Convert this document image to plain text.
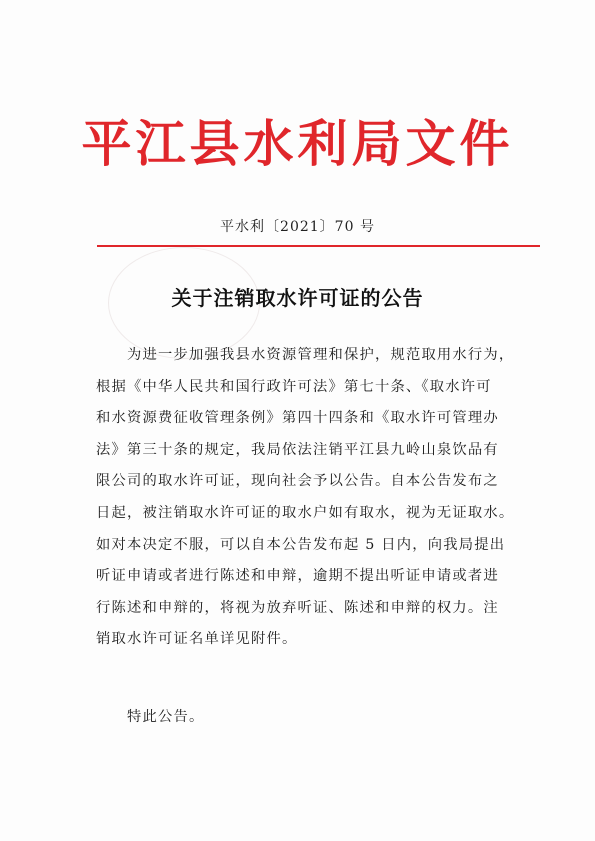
平江县水利局文件
平水利〔2021〕70 号
关于注销取水许可证的公告
为进一步加强我县水资源管理和保护，规范取用水行为，
根据《中华人民共和国行政许可法》第七十条、《取水许可
和水资源费征收管理条例》第四十四条和《取水许可管理办
法》第三十条的规定，我局依法注销平江县九岭山泉饮品有
限公司的取水许可证，现向社会予以公告。自本公告发布之
日起，被注销取水许可证的取水户如有取水，视为无证取水。
如对本决定不服，可以自本公告发布起 5 日内，向我局提出
听证申请或者进行陈述和申辩，逾期不提出听证申请或者进
行陈述和申辩的，将视为放弃听证、陈述和申辩的权力。注
销取水许可证名单详见附件。
特此公告。
